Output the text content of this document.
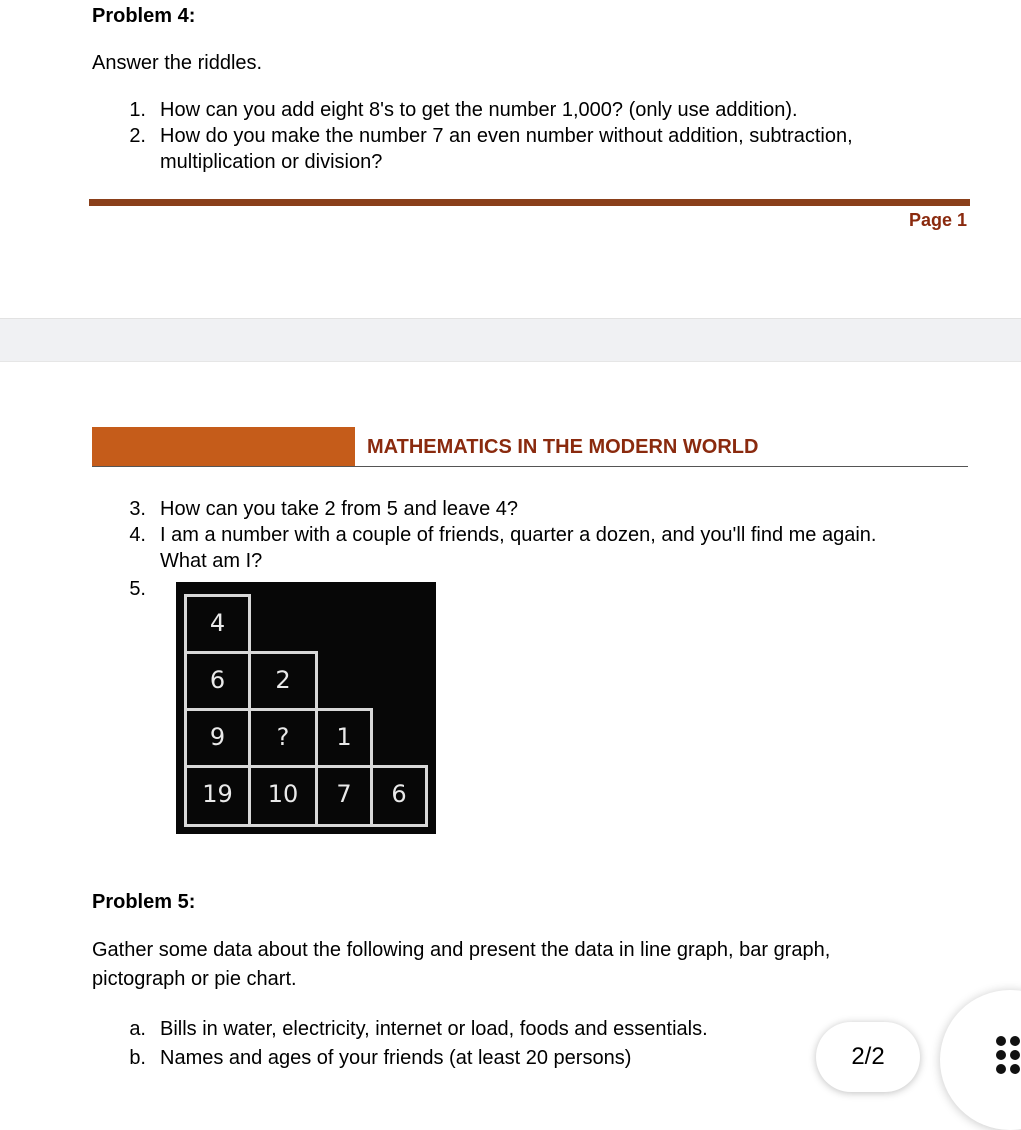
Problem 4:
Answer the riddles.
1. How can you add eight 8's to get the number 1,000? (only use addition).
2. How do you make the number 7 an even number without addition, subtraction,
multiplication or division?
Page 1
MATHEMATICS IN THE MODERN WORLD
3. How can you take 2 from 5 and leave 4?
4. I am a number with a couple of friends, quarter a dozen, and you'll find me again.
What am I?
5.
4
6	2
9	?	1
19	10	7	6
Problem 5:
Gather some data about the following and present the data in line graph, bar graph,
pictograph or pie chart.
a. Bills in water, electricity, internet or load, foods and essentials.
b. Names and ages of your friends (at least 20 persons)	2/2
